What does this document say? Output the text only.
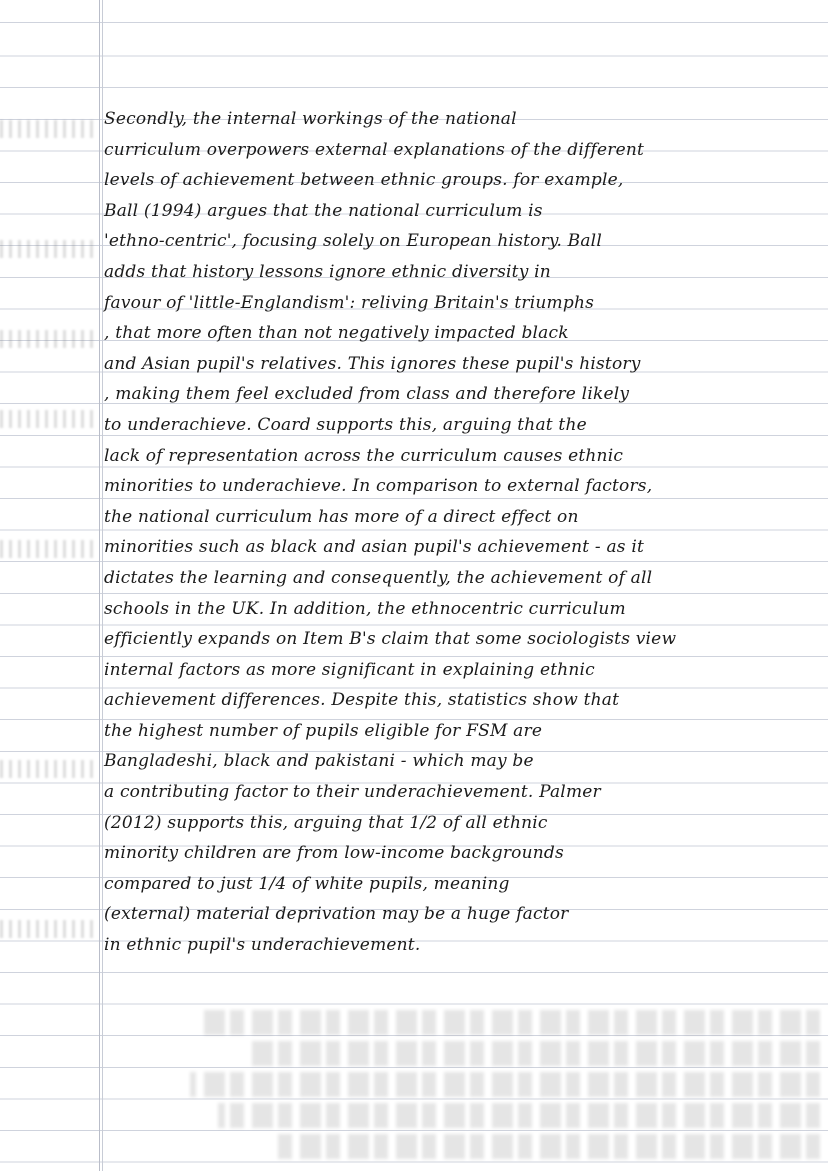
Secondly, the internal workings of the national
curriculum overpowers external explanations of the different
levels of achievement between ethnic groups. for example,
Ball (1994) argues that the national curriculum is
'ethno-centric', focusing solely on European history. Ball
adds that history lessons ignore ethnic diversity in
favour of 'little-Englandism': reliving Britain's triumphs
, that more often than not negatively impacted black
and Asian pupil's relatives. This ignores these pupil's history
, making them feel excluded from class and therefore likely
to underachieve. Coard supports this, arguing that the
lack of representation across the curriculum causes ethnic
minorities to underachieve. In comparison to external factors,
the national curriculum has more of a direct effect on
minorities such as black and asian pupil's achievement - as it
dictates the learning and consequently, the achievement of all
schools in the UK. In addition, the ethnocentric curriculum
efficiently expands on Item B's claim that some sociologists view
internal factors as more significant in explaining ethnic
achievement differences. Despite this, statistics show that
the highest number of pupils eligible for FSM are
Bangladeshi, black and pakistani - which may be
a contributing factor to their underachievement. Palmer
(2012) supports this, arguing that 1/2 of all ethnic
minority children are from low-income backgrounds
compared to just 1/4 of white pupils, meaning
(external) material deprivation may be a huge factor
in ethnic pupil's underachievement.
